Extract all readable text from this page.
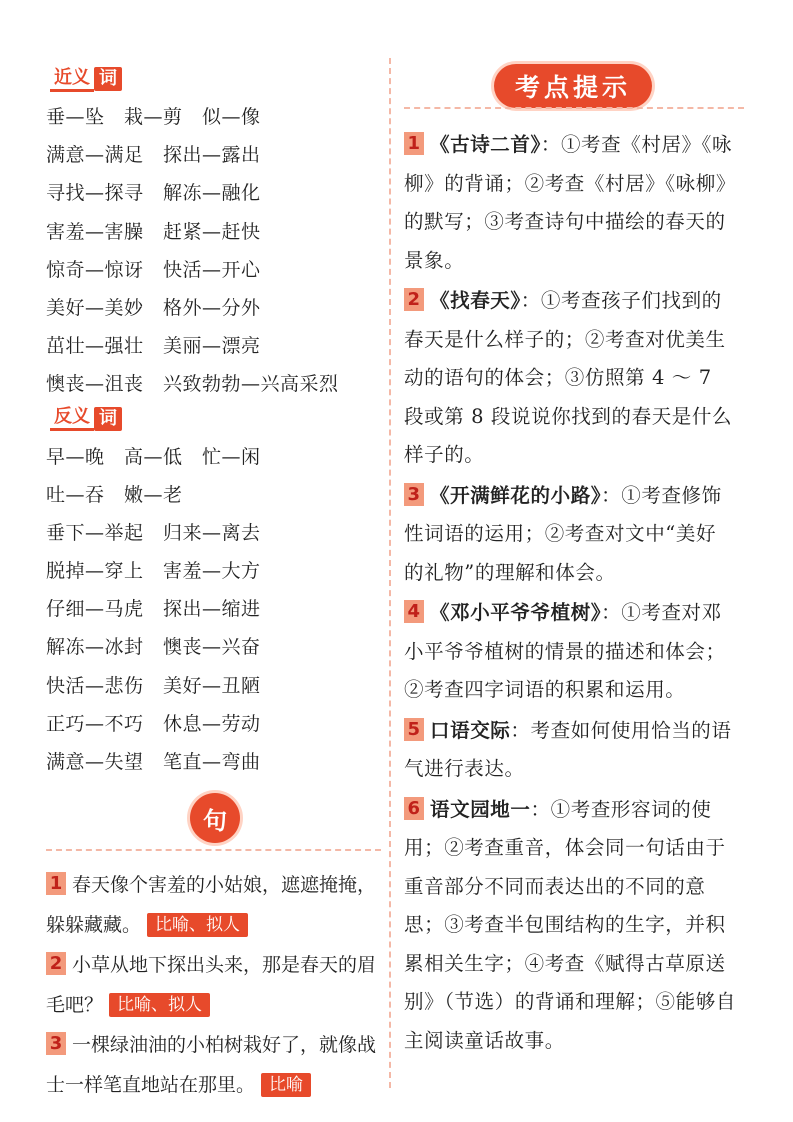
近义 词
垂—坠　栽—剪　似—像
满意—满足　探出—露出
寻找—探寻　解冻—融化
害羞—害臊　赶紧—赶快
惊奇—惊讶　快活—开心
美好—美妙　格外—分外
茁壮—强壮　美丽—漂亮
懊丧—沮丧　兴致勃勃—兴高采烈
反义 词
早—晚　高—低　忙—闲
吐—吞　嫩—老
垂下—举起　归来—离去
脱掉—穿上　害羞—大方
仔细—马虎　探出—缩进
解冻—冰封　懊丧—兴奋
快活—悲伤　美好—丑陋
正巧—不巧　休息—劳动
满意—失望　笔直—弯曲
句
1 春天像个害羞的小姑娘，遮遮掩掩，躲躲藏藏。 比喻、拟人
2 小草从地下探出头来，那是春天的眉毛吧？ 比喻、拟人
3 一棵绿油油的小柏树栽好了，就像战士一样笔直地站在那里。 比喻
考点提示
1 《古诗二首》：①考查《村居》《咏柳》的背诵；②考查《村居》《咏柳》的默写；③考查诗句中描绘的春天的景象。
2 《找春天》：①考查孩子们找到的春天是什么样子的；②考查对优美生动的语句的体会；③仿照第 4 ～ 7 段或第 8 段说说你找到的春天是什么样子的。
3 《开满鲜花的小路》：①考查修饰性词语的运用；②考查对文中“美好的礼物”的理解和体会。
4 《邓小平爷爷植树》：①考查对邓小平爷爷植树的情景的描述和体会；②考查四字词语的积累和运用。
5 口语交际：考查如何使用恰当的语气进行表达。
6 语文园地一：①考查形容词的使用；②考查重音，体会同一句话由于重音部分不同而表达出的不同的意思；③考查半包围结构的生字，并积累相关生字；④考查《赋得古草原送别》（节选）的背诵和理解；⑤能够自主阅读童话故事。
